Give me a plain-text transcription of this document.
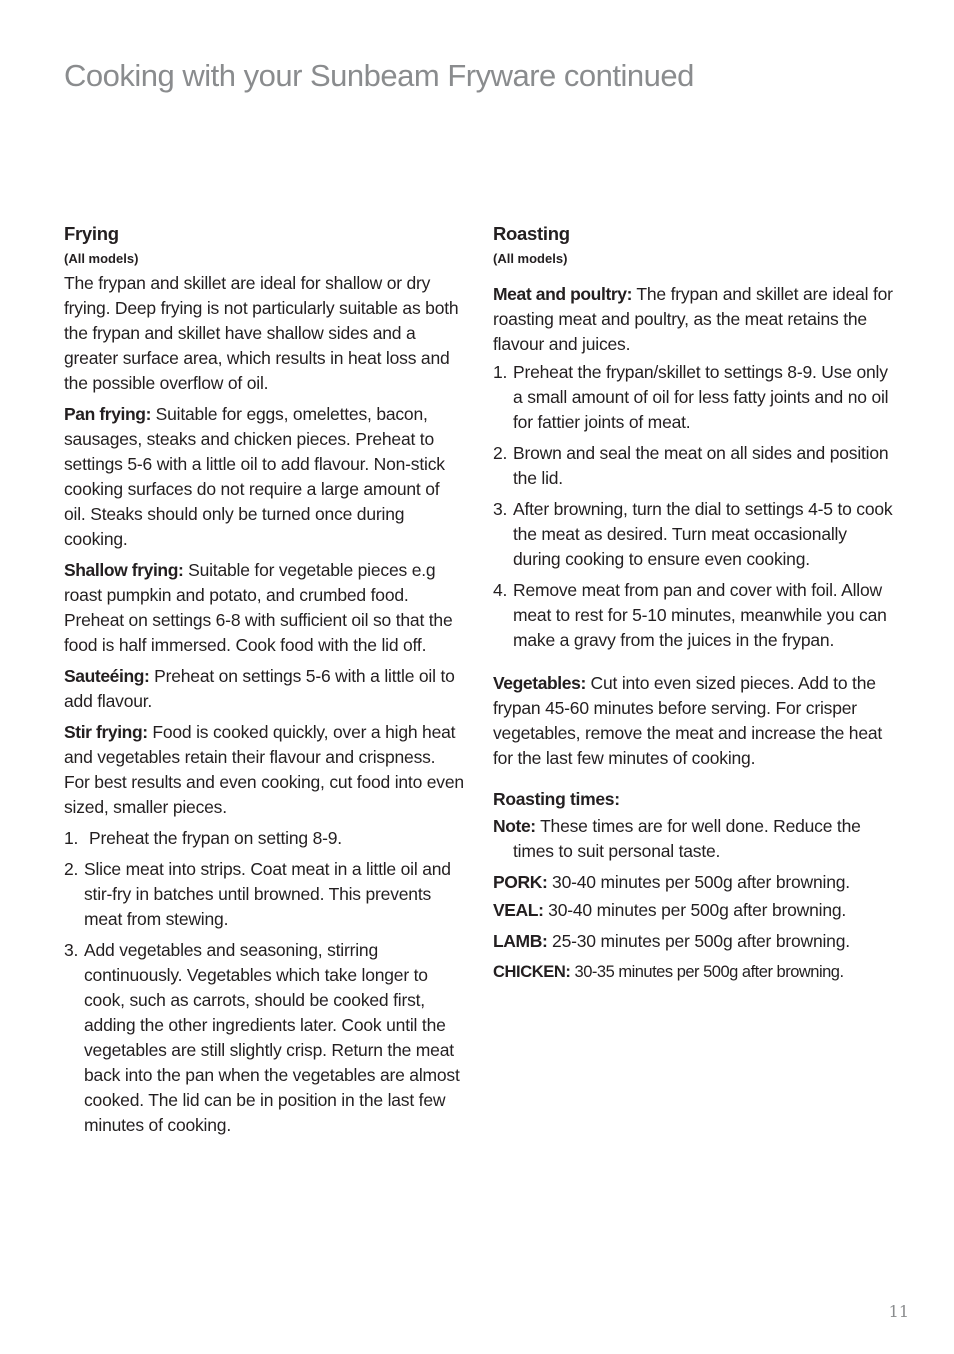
Cooking with your Sunbeam Fryware continued
Frying
(All models)

The frypan and skillet are ideal for shallow or dry frying. Deep frying is not particularly suitable as both the frypan and skillet have shallow sides and a greater surface area, which results in heat loss and the possible overflow of oil.

Pan frying: Suitable for eggs, omelettes, bacon, sausages, steaks and chicken pieces. Preheat to settings 5-6 with a little oil to add flavour. Non-stick cooking surfaces do not require a large amount of oil. Steaks should only be turned once during cooking.

Shallow frying: Suitable for vegetable pieces e.g roast pumpkin and potato, and crumbed food. Preheat on settings 6-8 with sufficient oil so that the food is half immersed. Cook food with the lid off.

Sauteéing: Preheat on settings 5-6 with a little oil to add flavour.

Stir frying: Food is cooked quickly, over a high heat and vegetables retain their flavour and crispness. For best results and even cooking, cut food into even sized, smaller pieces.

1. Preheat the frypan on setting 8-9.
2. Slice meat into strips. Coat meat in a little oil and stir-fry in batches until browned. This prevents meat from stewing.
3. Add vegetables and seasoning, stirring continuously. Vegetables which take longer to cook, such as carrots, should be cooked first, adding the other ingredients later. Cook until the vegetables are still slightly crisp. Return the meat back into the pan when the vegetables are almost cooked. The lid can be in position in the last few minutes of cooking.
Roasting
(All models)

Meat and poultry: The frypan and skillet are ideal for roasting meat and poultry, as the meat retains the flavour and juices.

1. Preheat the frypan/skillet to settings 8-9. Use only a small amount of oil for less fatty joints and no oil for fattier joints of meat.
2. Brown and seal the meat on all sides and position the lid.
3. After browning, turn the dial to settings 4-5 to cook the meat as desired. Turn meat occasionally during cooking to ensure even cooking.
4. Remove meat from pan and cover with foil. Allow meat to rest for 5-10 minutes, meanwhile you can make a gravy from the juices in the frypan.

Vegetables: Cut into even sized pieces. Add to the frypan 45-60 minutes before serving. For crisper vegetables, remove the meat and increase the heat for the last few minutes of cooking.

Roasting times:

Note: These times are for well done. Reduce the times to suit personal taste.

PORK: 30-40 minutes per 500g after browning.

VEAL: 30-40 minutes per 500g after browning.

LAMB: 25-30 minutes per 500g after browning.

CHICKEN: 30-35 minutes per 500g after browning.

11
